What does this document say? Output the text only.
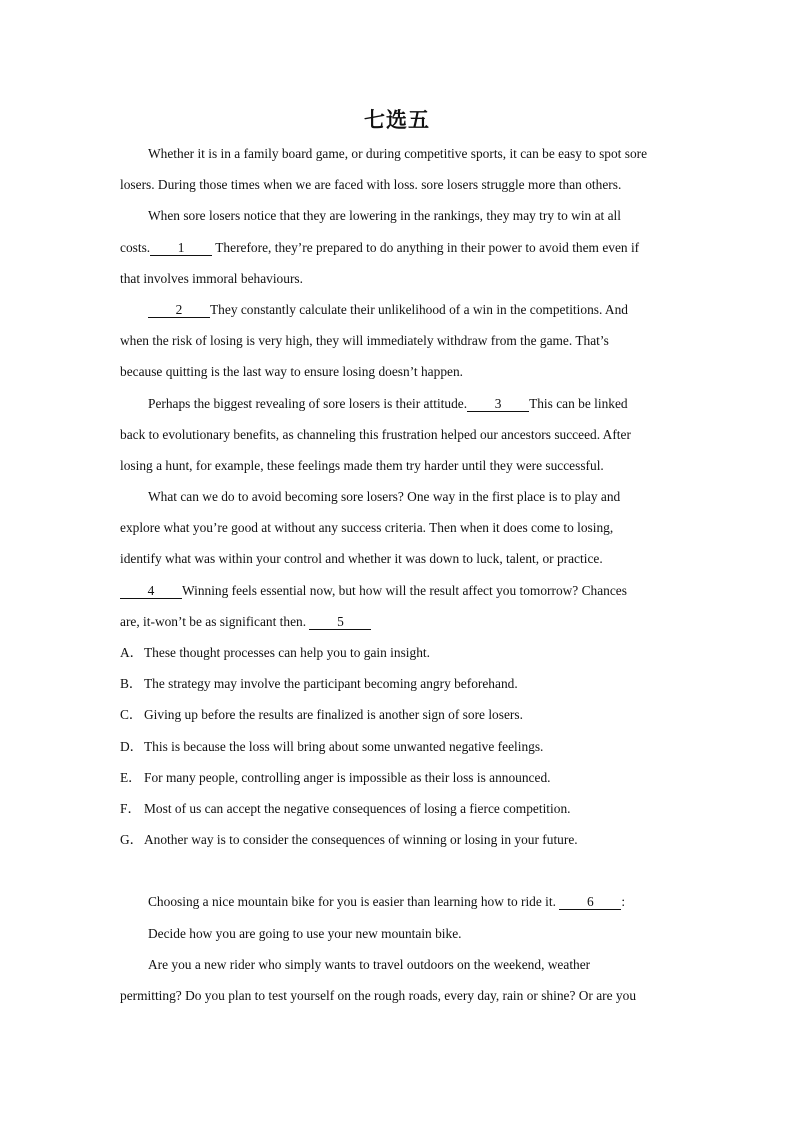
七选五
Whether it is in a family board game, or during competitive sports, it can be easy to spot sore
losers. During those times when we are faced with loss. sore losers struggle more than others.
When sore losers notice that they are lowering in the rankings, they may try to win at all
costs. 1 Therefore, they’re prepared to do anything in their power to avoid them even if
that involves immoral behaviours.
2 They constantly calculate their unlikelihood of a win in the competitions. And
when the risk of losing is very high, they will immediately withdraw from the game. That’s
because quitting is the last way to ensure losing doesn’t happen.
Perhaps the biggest revealing of sore losers is their attitude. 3 This can be linked
back to evolutionary benefits, as channeling this frustration helped our ancestors succeed. After
losing a hunt, for example, these feelings made them try harder until they were successful.
What can we do to avoid becoming sore losers? One way in the first place is to play and
explore what you’re good at without any success criteria. Then when it does come to losing,
identify what was within your control and whether it was down to luck, talent, or practice.
4 Winning feels essential now, but how will the result affect you tomorrow? Chances
are, it-won’t be as significant then. 5
A．These thought processes can help you to gain insight.
B． The strategy may involve the participant becoming angry beforehand.
C． Giving up before the results are finalized is another sign of sore losers.
D．This is because the loss will bring about some unwanted negative feelings.
E． For many people, controlling anger is impossible as their loss is announced.
F． Most of us can accept the negative consequences of losing a fierce competition.
G．Another way is to consider the consequences of winning or losing in your future.
Choosing a nice mountain bike for you is easier than learning how to ride it. 6 :
Decide how you are going to use your new mountain bike.
Are you a new rider who simply wants to travel outdoors on the weekend, weather
permitting? Do you plan to test yourself on the rough roads, every day, rain or shine? Or are you
